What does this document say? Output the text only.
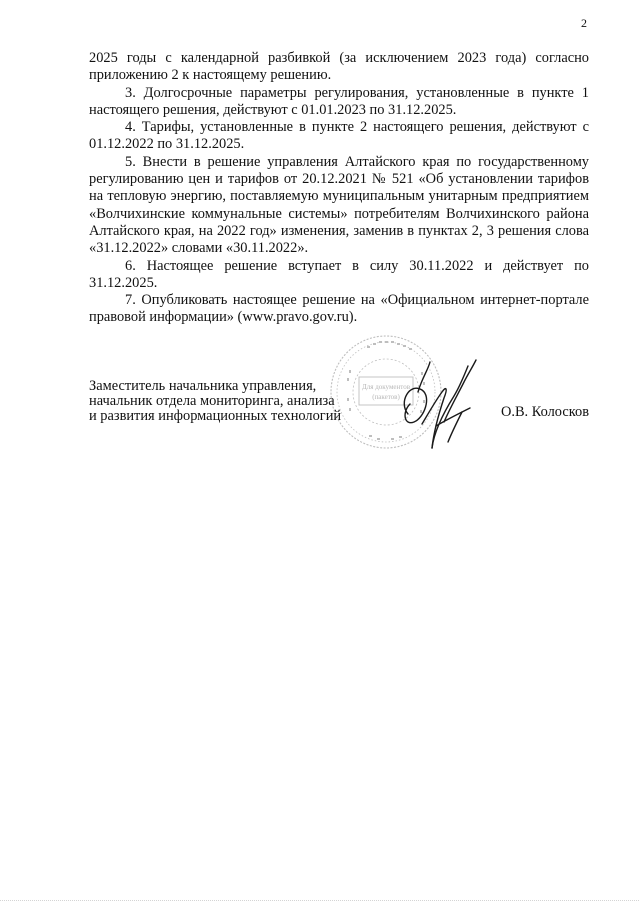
2

2025 годы с календарной разбивкой (за исключением 2023 года) согласно приложению 2 к настоящему решению.

3. Долгосрочные параметры регулирования, установленные в пункте 1 настоящего решения, действуют с 01.01.2023 по 31.12.2025.

4. Тарифы, установленные в пункте 2 настоящего решения, действуют с 01.12.2022 по 31.12.2025.

5. Внести в решение управления Алтайского края по государственному регулированию цен и тарифов от 20.12.2021 № 521 «Об установлении тарифов на тепловую энергию, поставляемую муниципальным унитарным предприятием «Волчихинские коммунальные системы» потребителям Волчихинского района Алтайского края, на 2022 год» изменения, заменив в пунктах 2, 3 решения слова «31.12.2022» словами «30.11.2022».

6. Настоящее решение вступает в силу 30.11.2022 и действует по 31.12.2025.

7. Опубликовать настоящее решение на «Официальном интернет-портале правовой информации» (www.pravo.gov.ru).

Для документов
(пакетов)
Заместитель начальника управления,
начальник отдела мониторинга, анализа
и развития информационных технологий	О.В. Колосков
